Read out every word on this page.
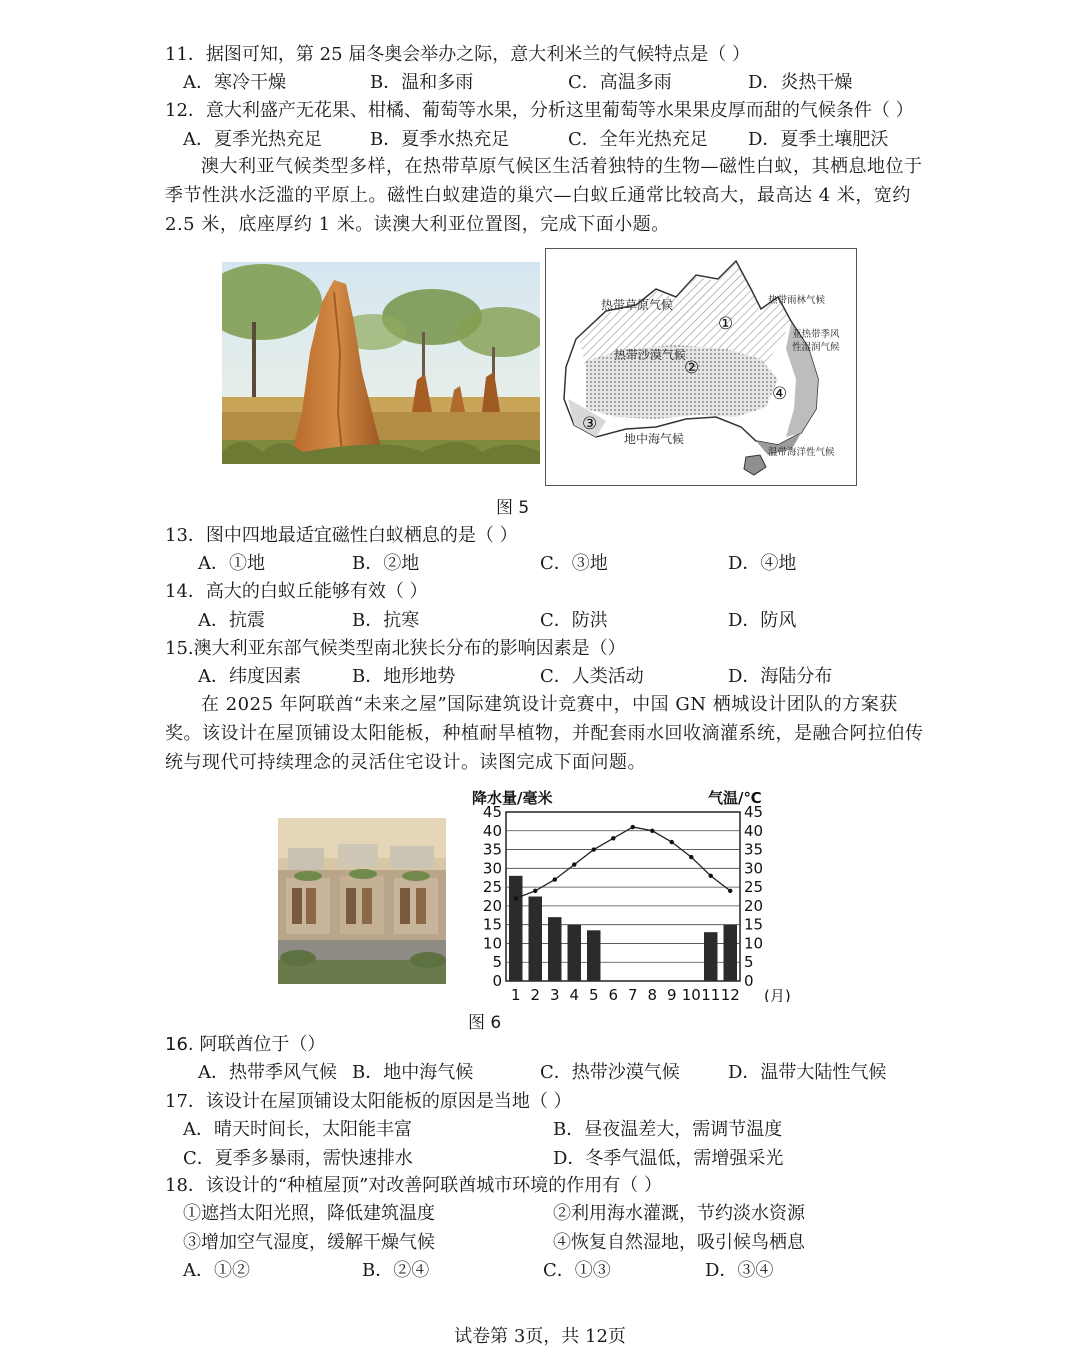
11．据图可知，第 25 届冬奥会举办之际，意大利米兰的气候特点是（ ）
A．寒冷干燥	B．温和多雨	C．高温多雨	D．炎热干燥
12．意大利盛产无花果、柑橘、葡萄等水果，分析这里葡萄等水果果皮厚而甜的气候条件（ ）
A．夏季光热充足	B．夏季水热充足	C．全年光热充足 D．夏季土壤肥沃
澳大利亚气候类型多样，在热带草原气候区生活着独特的生物—磁性白蚁，其栖息地位于季节性洪水泛滥的平原上。磁性白蚁建造的巢穴—白蚁丘通常比较高大，最高达 4 米，宽约 2.5 米，底座厚约 1 米。读澳大利亚位置图，完成下面小题。
热带草原气候
热带沙漠气候
地中海气候
热带雨林气候
亚热带季风
性湿润气候
温带海洋性气候
①
②
③
④
图 5
13．图中四地最适宜磁性白蚁栖息的是（ ）
A．①地	B．②地	C．③地	D．④地
14．高大的白蚁丘能够有效（ ）
A．抗震	B．抗寒	C．防洪	D．防风
15.澳大利亚东部气候类型南北狭长分布的影响因素是（）
A．纬度因素	B．地形地势	C．人类活动	D．海陆分布
在 2025 年阿联酋“未来之屋”国际建筑设计竞赛中，中国 GN 栖城设计团队的方案获奖。该设计在屋顶铺设太阳能板，种植耐旱植物，并配套雨水回收滴灌系统，是融合阿拉伯传统与现代可持续理念的灵活住宅设计。读图完成下面问题。
降水量/毫米	气温/℃
(月)
0	0
5	5
10	10
15	15
20	20
25	25
30	30
35	35
40	40
45	45
1 2 3 4 5 6 7 8 9 10 11 12
图 6
16. 阿联酋位于（）
A．热带季风气候 B．地中海气候	C．热带沙漠气候	D．温带大陆性气候
17．该设计在屋顶铺设太阳能板的原因是当地（ ）
A．晴天时间长，太阳能丰富	B．昼夜温差大，需调节温度
C．夏季多暴雨，需快速排水	D．冬季气温低，需增强采光
18．该设计的“种植屋顶”对改善阿联酋城市环境的作用有（ ）
①遮挡太阳光照，降低建筑温度	②利用海水灌溉，节约淡水资源
③增加空气湿度，缓解干燥气候	④恢复自然湿地，吸引候鸟栖息
A．①②	B．②④	C．①③	D．③④
试卷第 3页，共 12页
